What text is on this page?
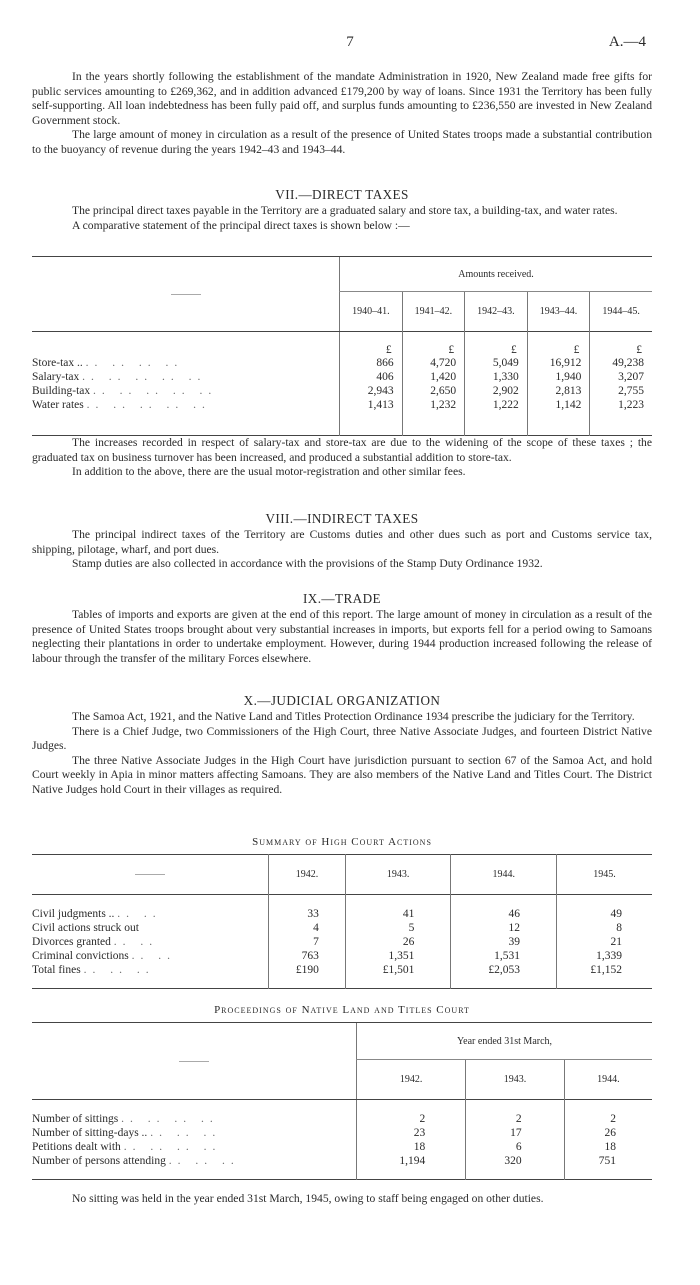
7	A.—4

In the years shortly following the establishment of the mandate Administration in 1920, New Zealand made free gifts for public services amounting to £269,362, and in addition advanced £179,200 by way of loans. Since 1931 the Territory has been fully self-supporting. All loan indebtedness has been fully paid off, and surplus funds amounting to £236,550 are invested in New Zealand Government stock.

The large amount of money in circulation as a result of the presence of United States troops made a substantial contribution to the buoyancy of revenue during the years 1942–43 and 1943–44.

VII.—DIRECT TAXES

The principal direct taxes payable in the Territory are a graduated salary and store tax, a building-tax, and water rates.

A comparative statement of the principal direct taxes is shown below :—

	Amounts received.				
	1940–41.	1941–42.	1942–43.	1943–44.	1944–45.
	£	£	£	£	£
Store-tax .. .. .. .. ..	866	4,720	5,049	16,912	49,238
Salary-tax .. .. .. .. ..	406	1,420	1,330	1,940	3,207
Building-tax .. .. .. .. ..	2,943	2,650	2,902	2,813	2,755
Water rates .. .. .. .. ..	1,413	1,232	1,222	1,142	1,223

The increases recorded in respect of salary-tax and store-tax are due to the widening of the scope of these taxes ; the graduated tax on business turnover has been increased, and produced a substantial addition to store-tax.

In addition to the above, there are the usual motor-registration and other similar fees.

VIII.—INDIRECT TAXES

The principal indirect taxes of the Territory are Customs duties and other dues such as port and Customs service tax, shipping, pilotage, wharf, and port dues.

Stamp duties are also collected in accordance with the provisions of the Stamp Duty Ordinance 1932.

IX.—TRADE

Tables of imports and exports are given at the end of this report. The large amount of money in circulation as a result of the presence of United States troops brought about very substantial increases in imports, but exports fell for a period owing to Samoans neglecting their plantations in order to undertake employment. However, during 1944 production increased following the release of labour through the transfer of the military Forces elsewhere.

X.—JUDICIAL ORGANIZATION

The Samoa Act, 1921, and the Native Land and Titles Protection Ordinance 1934 prescribe the judiciary for the Territory.

There is a Chief Judge, two Commissioners of the High Court, three Native Associate Judges, and fourteen District Native Judges.

The three Native Associate Judges in the High Court have jurisdiction pursuant to section 67 of the Samoa Act, and hold Court weekly in Apia in minor matters affecting Samoans. They are also members of the Native Land and Titles Court. The District Native Judges hold Court in their villages as required.

Summary of High Court Actions
	1942.	1943.	1944.	1945.

Civil judgments .. .. ..	33	41	46	49
Civil actions struck out	4	5	12	8
Divorces granted .. ..	7	26	39	21
Criminal convictions .. ..	763	1,351	1,531	1,339
Total fines .. .. ..	£190	£1,501	£2,053	£1,152

Proceedings of Native Land and Titles Court
	Year ended 31st March,		
	1942.	1943.	1944.

Number of sittings .. .. .. ..	2	2	2
Number of sitting-days .. .. .. ..	23	17	26
Petitions dealt with .. .. .. ..	18	6	18
Number of persons attending .. .. ..	1,194	320	751

No sitting was held in the year ended 31st March, 1945, owing to staff being engaged on other duties.
